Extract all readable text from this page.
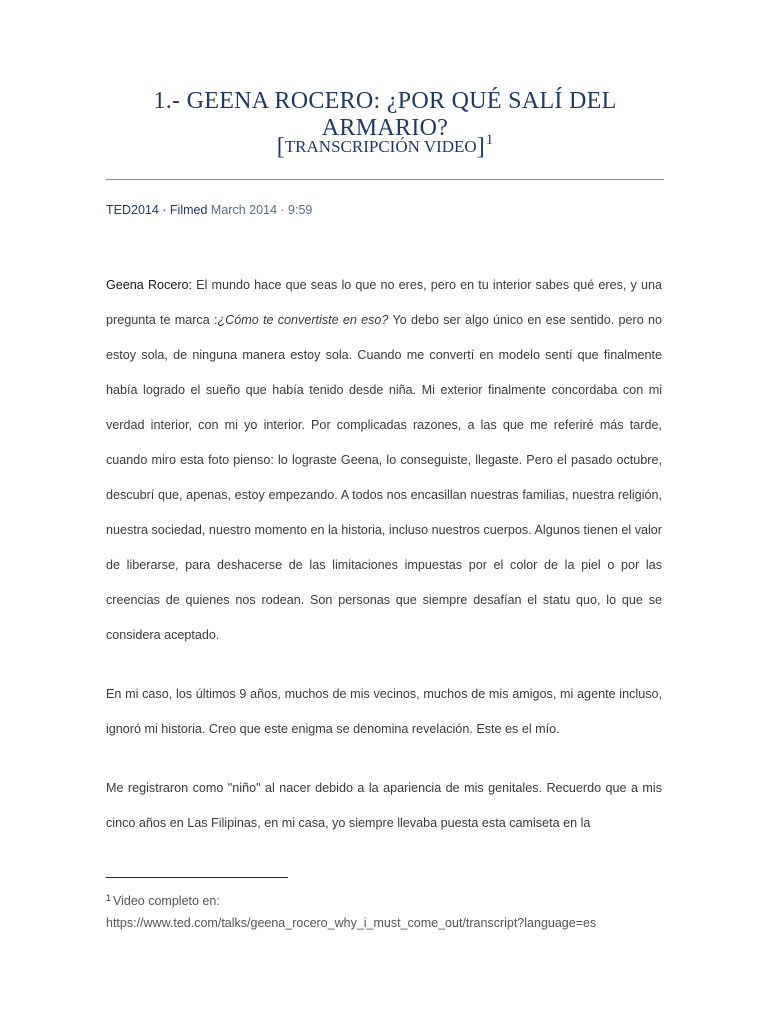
1.- GEENA ROCERO: ¿POR QUÉ SALÍ DEL ARMARIO?
[TRANSCRIPCIÓN VIDEO]1
TED2014 · Filmed March 2014 · 9:59
Geena Rocero: El mundo hace que seas lo que no eres, pero en tu interior sabes qué eres, y una pregunta te marca :¿Cómo te convertiste en eso? Yo debo ser algo único en ese sentido. pero no estoy sola, de ninguna manera estoy sola. Cuando me convertí en modelo sentí que finalmente había logrado el sueño que había tenido desde niña. Mi exterior finalmente concordaba con mi verdad interior, con mi yo interior. Por complicadas razones, a las que me referiré más tarde, cuando miro esta foto pienso: lo lograste Geena, lo conseguiste, llegaste. Pero el pasado octubre, descubrí que, apenas, estoy empezando. A todos nos encasillan nuestras familias, nuestra religión, nuestra sociedad, nuestro momento en la historia, incluso nuestros cuerpos. Algunos tienen el valor de liberarse, para deshacerse de las limitaciones impuestas por el color de la piel o por las creencias de quienes nos rodean. Son personas que siempre desafían el statu quo, lo que se considera aceptado.
En mi caso, los últimos 9 años, muchos de mis vecinos, muchos de mis amigos, mi agente incluso, ignoró mi historia. Creo que este enigma se denomina revelación. Este es el mío.
Me registraron como "niño" al nacer debido a la apariencia de mis genitales. Recuerdo que a mis cinco años en Las Filipinas, en mi casa, yo siempre llevaba puesta esta camiseta en la
$^1$ Video completo en:
https://www.ted.com/talks/geena_rocero_why_i_must_come_out/transcript?language=es
